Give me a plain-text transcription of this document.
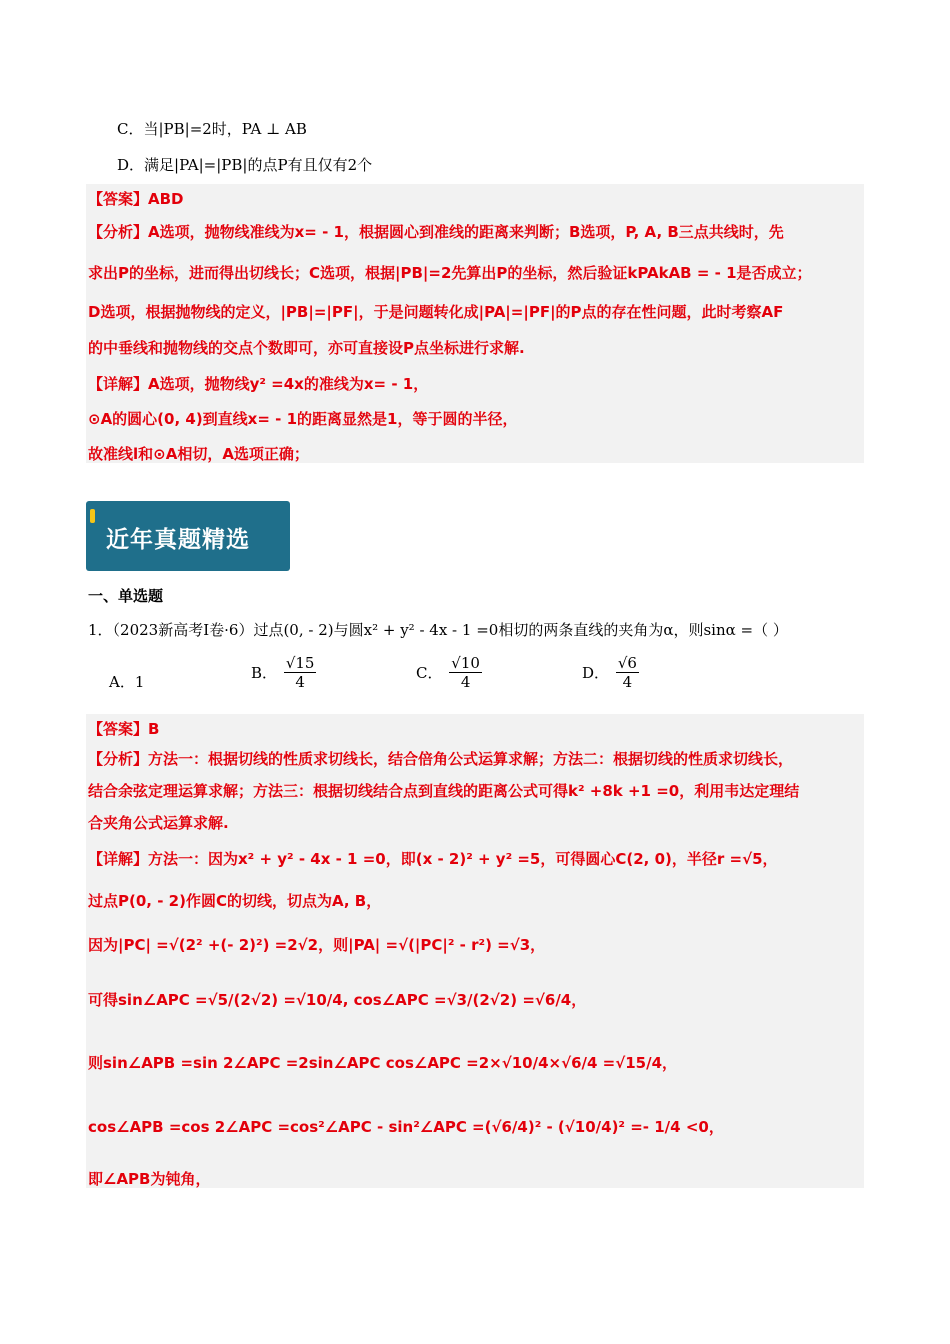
C．当|PB|=2时，PA ⊥ AB
D．满足|PA|=|PB|的点P有且仅有2个
【答案】ABD
【分析】A选项，抛物线准线为x= - 1，根据圆心到准线的距离来判断；B选项，P, A, B三点共线时，先
求出P的坐标，进而得出切线长；C选项，根据|PB|=2先算出P的坐标，然后验证kPAkAB = - 1是否成立；
D选项，根据抛物线的定义，|PB|=|PF|，于是问题转化成|PA|=|PF|的P点的存在性问题，此时考察AF
的中垂线和抛物线的交点个数即可，亦可直接设P点坐标进行求解.
【详解】A选项，抛物线y² =4x的准线为x= - 1，
⊙A的圆心(0, 4)到直线x= - 1的距离显然是1，等于圆的半径，
故准线l和⊙A相切，A选项正确；
近年真题精选
一、单选题
1．（2023新高考Ⅰ卷·6）过点(0, - 2)与圆x² + y² - 4x - 1 =0相切的两条直线的夹角为α，则sinα =（ ）
A．1	B． $\frac{√15}{4}$	C． $\frac{√10}{4}$	D． $\frac{√6}{4}$
【答案】B
【分析】方法一：根据切线的性质求切线长，结合倍角公式运算求解；方法二：根据切线的性质求切线长，
结合余弦定理运算求解；方法三：根据切线结合点到直线的距离公式可得k² +8k +1 =0，利用韦达定理结
合夹角公式运算求解.
【详解】方法一：因为x² + y² - 4x - 1 =0，即(x - 2)² + y² =5，可得圆心C(2, 0)，半径r =√5，
过点P(0, - 2)作圆C的切线，切点为A, B，
因为|PC| =√(2² +(- 2)²) =2√2，则|PA| =√(|PC|² - r²) =√3，
可得sin∠APC =√5/(2√2) =√10/4, cos∠APC =√3/(2√2) =√6/4，
则sin∠APB =sin 2∠APC =2sin∠APC cos∠APC =2×√10/4×√6/4 =√15/4，
cos∠APB =cos 2∠APC =cos²∠APC - sin²∠APC =(√6/4)² - (√10/4)² =- 1/4 <0，
即∠APB为钝角，
